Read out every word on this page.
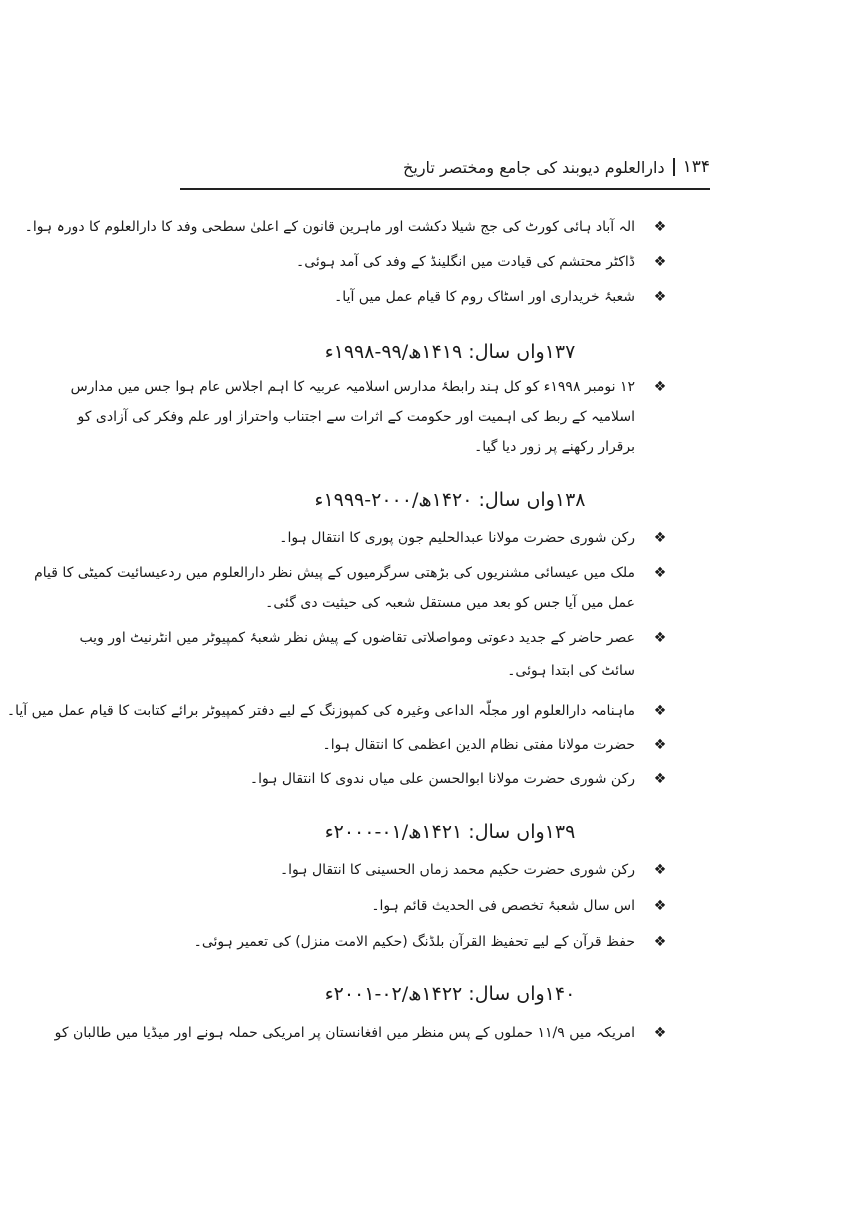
۱۳۴
دارالعلوم دیوبند کی جامع ومختصر تاریخ
❖
الہ آباد ہائی کورٹ کی جج شیلا دکشت اور ماہرین قانون کے اعلیٰ سطحی وفد کا دارالعلوم کا دورہ ہوا۔
❖
ڈاکٹر محتشم کی قیادت میں انگلینڈ کے وفد کی آمد ہوئی۔
❖
شعبۂ خریداری اور اسٹاک روم کا قیام عمل میں آیا۔
۱۳۷واں سال: ۱۴۱۹ھ/۹۹-۱۹۹۸ء
❖
۱۲ نومبر ۱۹۹۸ء کو کل ہند رابطۂ مدارس اسلامیہ عربیہ کا اہم اجلاس عام ہوا جس میں مدارس
اسلامیہ کے ربط کی اہمیت اور حکومت کے اثرات سے اجتناب واحتراز اور علم وفکر کی آزادی کو
برقرار رکھنے پر زور دیا گیا۔
۱۳۸واں سال: ۱۴۲۰ھ/۲۰۰۰-۱۹۹۹ء
❖
رکن شوری حضرت مولانا عبدالحلیم جون پوری کا انتقال ہوا۔
❖
ملک میں عیسائی مشنریوں کی بڑھتی سرگرمیوں کے پیش نظر دارالعلوم میں ردعیسائیت کمیٹی کا قیام
عمل میں آیا جس کو بعد میں مستقل شعبہ کی حیثیت دی گئی۔
❖
عصر حاضر کے جدید دعوتی ومواصلاتی تقاضوں کے پیش نظر شعبۂ کمپیوٹر میں انٹرنیٹ اور ویب
سائٹ کی ابتدا ہوئی۔
❖
ماہنامہ دارالعلوم اور مجلّہ الداعی وغیرہ کی کمپوزنگ کے لیے دفتر کمپیوٹر برائے کتابت کا قیام عمل میں آیا۔
❖
حضرت مولانا مفتی نظام الدین اعظمی کا انتقال ہوا۔
❖
رکن شوری حضرت مولانا ابوالحسن علی میاں ندوی کا انتقال ہوا۔
۱۳۹واں سال: ۱۴۲۱ھ/۰۱-۲۰۰۰ء
❖
رکن شوری حضرت حکیم محمد زماں الحسینی کا انتقال ہوا۔
❖
اس سال شعبۂ تخصص فی الحدیث قائم ہوا۔
❖
حفظ قرآن کے لیے تحفیظ القرآن بلڈنگ (حکیم الامت منزل) کی تعمیر ہوئی۔
۱۴۰واں سال: ۱۴۲۲ھ/۰۲-۲۰۰۱ء
❖
امریکہ میں ۱۱/۹ حملوں کے پس منظر میں افغانستان پر امریکی حملہ ہونے اور میڈیا میں طالبان کو
